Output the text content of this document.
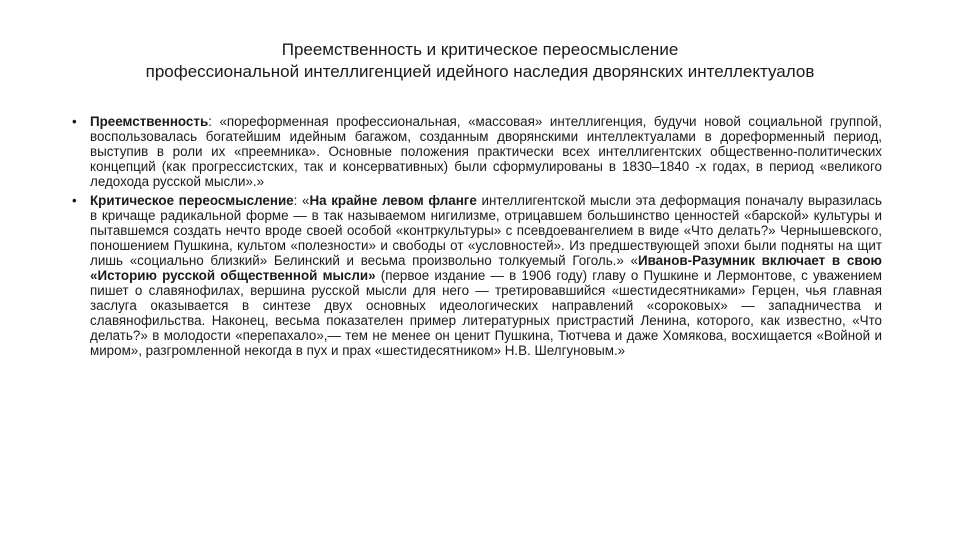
Преемственность и критическое переосмысление
профессиональной интеллигенцией идейного наследия дворянских интеллектуалов
• Преемственность: «пореформенная профессиональная, «массовая» интеллигенция, будучи новой социальной группой, воспользовалась богатейшим идейным багажом, созданным дворянскими интеллектуалами в дореформенный период, выступив в роли их «преемника». Основные положения практически всех интеллигентских общественно-политических концепций (как прогрессистских, так и консервативных) были сформулированы в 1830–1840 -х годах, в период «великого ледохода русской мысли».»
• Критическое переосмысление: «На крайне левом фланге интеллигентской мысли эта деформация поначалу выразилась в кричаще радикальной форме — в так называемом нигилизме, отрицавшем большинство ценностей «барской» культуры и пытавшемся создать нечто вроде своей особой «контркультуры» с псевдоевангелием в виде «Что делать?» Чернышевского, поношением Пушкина, культом «полезности» и свободы от «условностей». Из предшествующей эпохи были подняты на щит лишь «социально близкий» Белинский и весьма произвольно толкуемый Гоголь.» «Иванов-Разумник включает в свою «Историю русской общественной мысли» (первое издание — в 1906 году) главу о Пушкине и Лермонтове, с уважением пишет о славянофилах, вершина русской мысли для него — третировавшийся «шестидесятниками» Герцен, чья главная заслуга оказывается в синтезе двух основных идеологических направлений «сороковых» — западничества и славянофильства. Наконец, весьма показателен пример литературных пристрастий Ленина, которого, как известно, «Что делать?» в молодости «перепахало»,— тем не менее он ценит Пушкина, Тютчева и даже Хомякова, восхищается «Войной и миром», разгромленной некогда в пух и прах «шестидесятником» Н.В. Шелгуновым.»
